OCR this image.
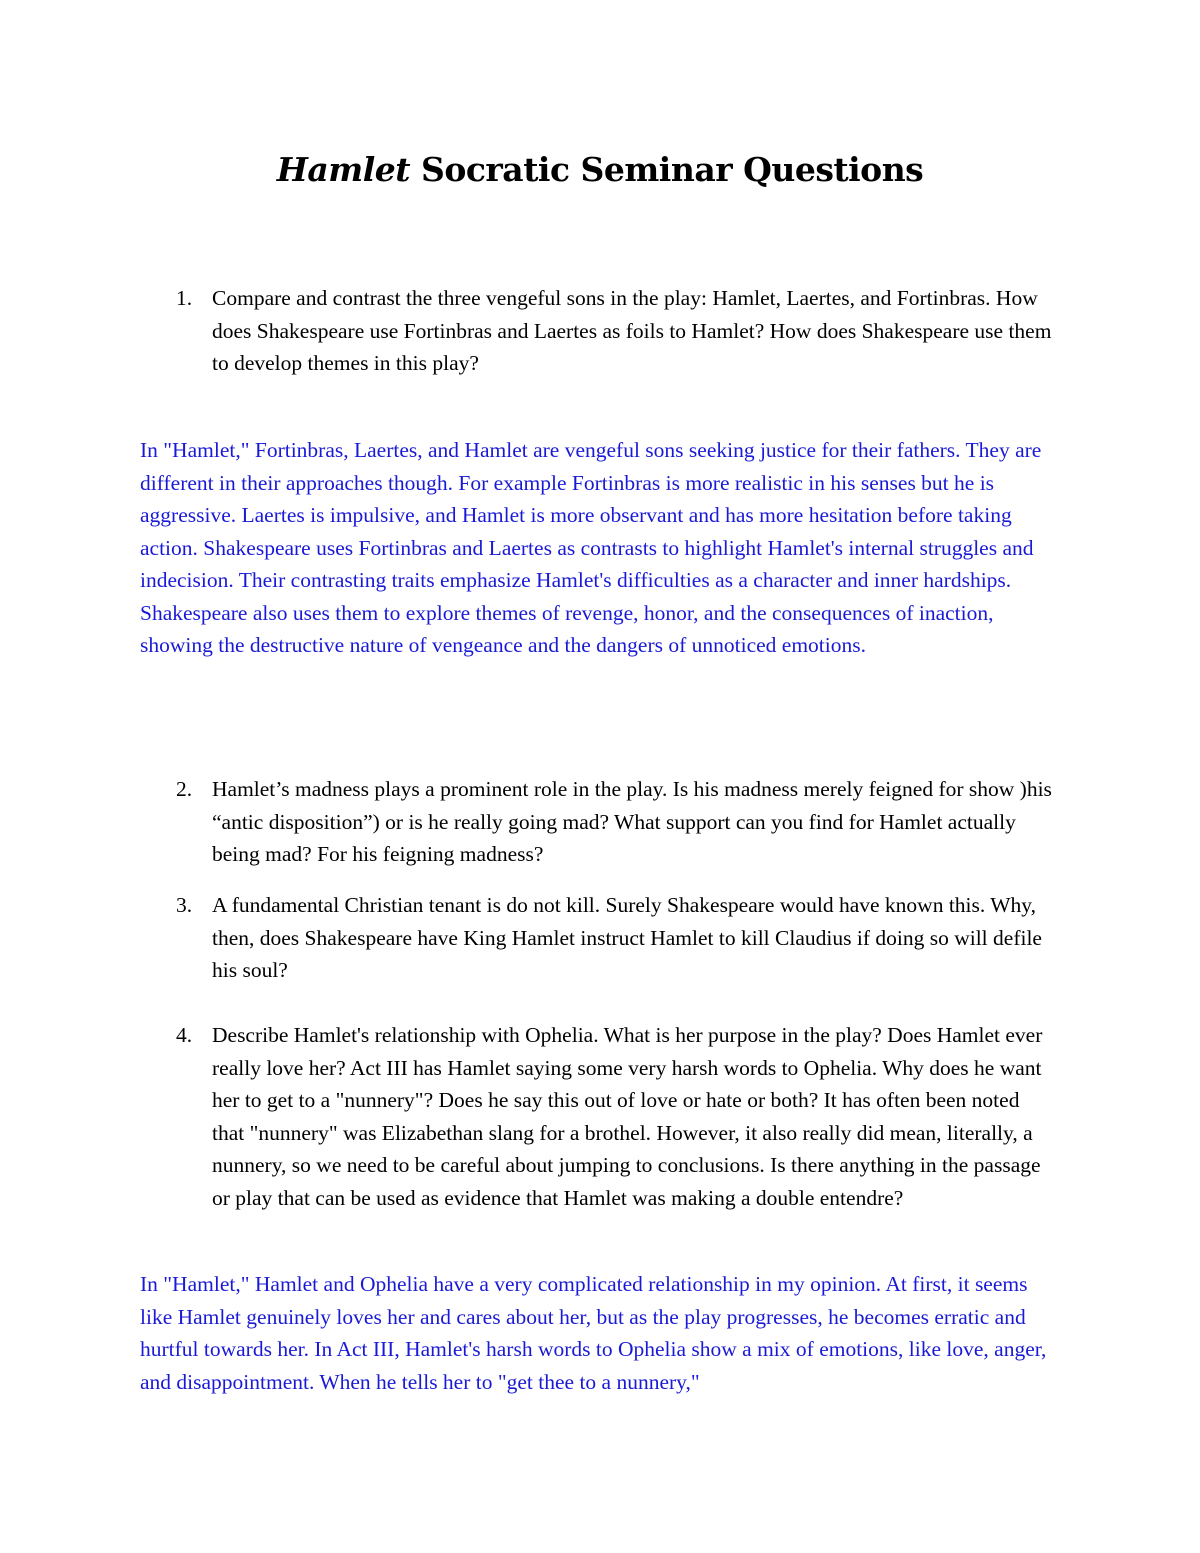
Hamlet Socratic Seminar Questions
1. Compare and contrast the three vengeful sons in the play: Hamlet, Laertes, and Fortinbras. How does Shakespeare use Fortinbras and Laertes as foils to Hamlet? How does Shakespeare use them to develop themes in this play?
In "Hamlet," Fortinbras, Laertes, and Hamlet are vengeful sons seeking justice for their fathers. They are different in their approaches though. For example Fortinbras is more realistic in his senses but he is aggressive. Laertes is impulsive, and Hamlet is more observant and has more hesitation before taking action. Shakespeare uses Fortinbras and Laertes as contrasts to highlight Hamlet's internal struggles and indecision. Their contrasting traits emphasize Hamlet's difficulties as a character and inner hardships. Shakespeare also uses them to explore themes of revenge, honor, and the consequences of inaction, showing the destructive nature of vengeance and the dangers of unnoticed emotions.
2. Hamlet’s madness plays a prominent role in the play. Is his madness merely feigned for show )his “antic disposition”) or is he really going mad? What support can you find for Hamlet actually being mad? For his feigning madness?
3. A fundamental Christian tenant is do not kill. Surely Shakespeare would have known this. Why, then, does Shakespeare have King Hamlet instruct Hamlet to kill Claudius if doing so will defile his soul?
4. Describe Hamlet's relationship with Ophelia. What is her purpose in the play? Does Hamlet ever really love her? Act III has Hamlet saying some very harsh words to Ophelia. Why does he want her to get to a "nunnery"? Does he say this out of love or hate or both? It has often been noted that "nunnery" was Elizabethan slang for a brothel. However, it also really did mean, literally, a nunnery, so we need to be careful about jumping to conclusions. Is there anything in the passage or play that can be used as evidence that Hamlet was making a double entendre?
In "Hamlet," Hamlet and Ophelia have a very complicated relationship in my opinion. At first, it seems like Hamlet genuinely loves her and cares about her, but as the play progresses, he becomes erratic and hurtful towards her. In Act III, Hamlet's harsh words to Ophelia show a mix of emotions, like love, anger, and disappointment. When he tells her to "get thee to a nunnery,"
